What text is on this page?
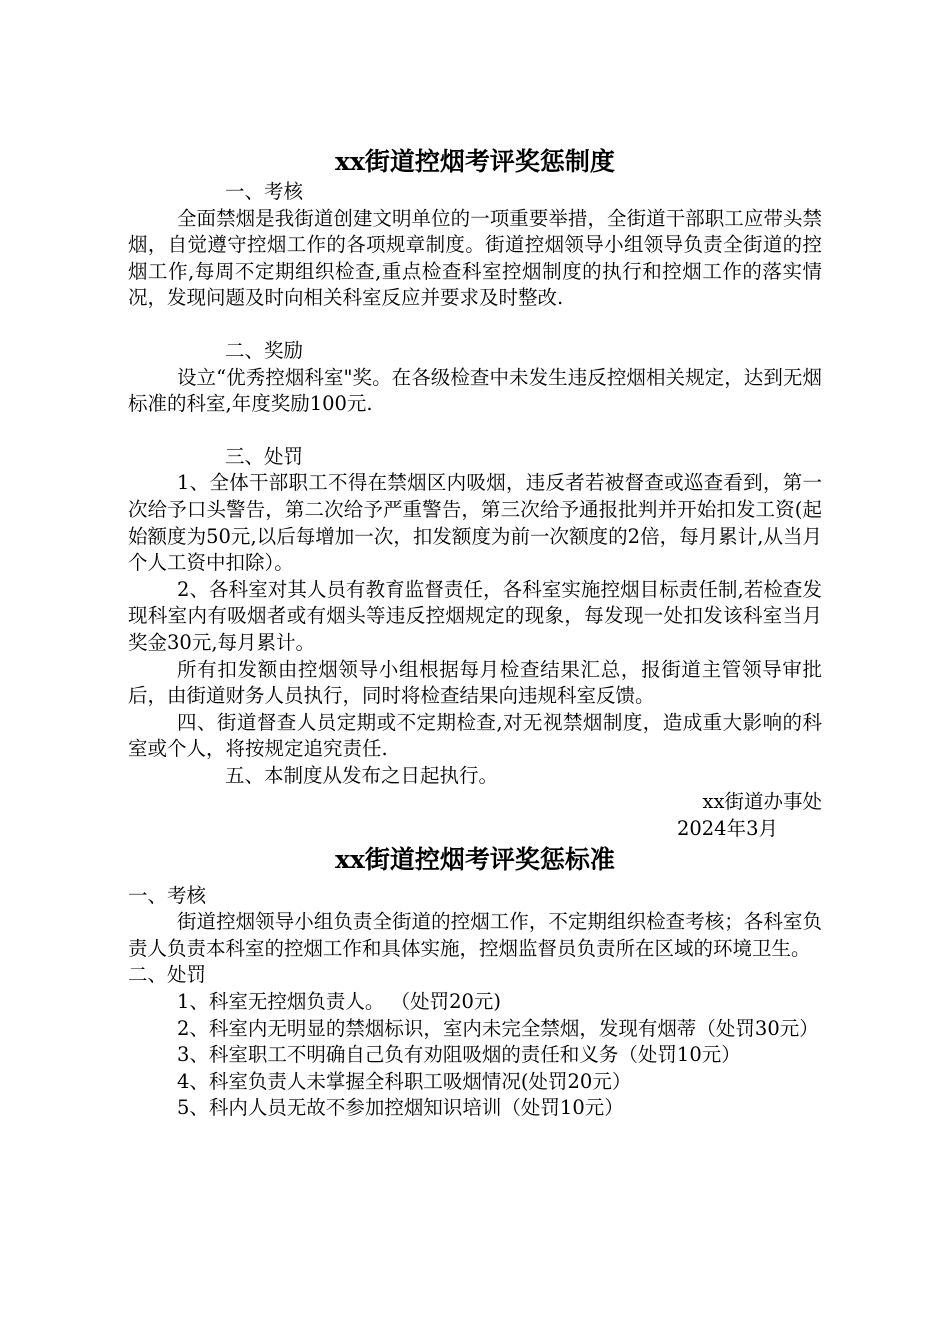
xx街道控烟考评奖惩制度

一、考核

全面禁烟是我街道创建文明单位的一项重要举措，全街道干部职工应带头禁烟，自觉遵守控烟工作的各项规章制度。街道控烟领导小组领导负责全街道的控烟工作,每周不定期组织检查,重点检查科室控烟制度的执行和控烟工作的落实情况，发现问题及时向相关科室反应并要求及时整改.

二、奖励

设立“优秀控烟科室"奖。在各级检查中未发生违反控烟相关规定，达到无烟标准的科室,年度奖励100元.

三、处罚

1、全体干部职工不得在禁烟区内吸烟，违反者若被督查或巡查看到，第一次给予口头警告，第二次给予严重警告，第三次给予通报批判并开始扣发工资(起始额度为50元,以后每增加一次，扣发额度为前一次额度的2倍，每月累计,从当月个人工资中扣除）。

2、各科室对其人员有教育监督责任，各科室实施控烟目标责任制,若检查发现科室内有吸烟者或有烟头等违反控烟规定的现象，每发现一处扣发该科室当月奖金30元,每月累计。

所有扣发额由控烟领导小组根据每月检查结果汇总，报街道主管领导审批后，由街道财务人员执行，同时将检查结果向违规科室反馈。

四、街道督查人员定期或不定期检查,对无视禁烟制度，造成重大影响的科室或个人，将按规定追究责任.

五、本制度从发布之日起执行。

xx街道办事处

2024年3月

xx街道控烟考评奖惩标准

一、考核

街道控烟领导小组负责全街道的控烟工作，不定期组织检查考核；各科室负责人负责本科室的控烟工作和具体实施，控烟监督员负责所在区域的环境卫生。

二、处罚

1、科室无控烟负责人。 （处罚20元)

2、科室内无明显的禁烟标识，室内未完全禁烟，发现有烟蒂（处罚30元）

3、科室职工不明确自己负有劝阻吸烟的责任和义务（处罚10元）

4、科室负责人未掌握全科职工吸烟情况(处罚20元）

5、科内人员无故不参加控烟知识培训（处罚10元）
